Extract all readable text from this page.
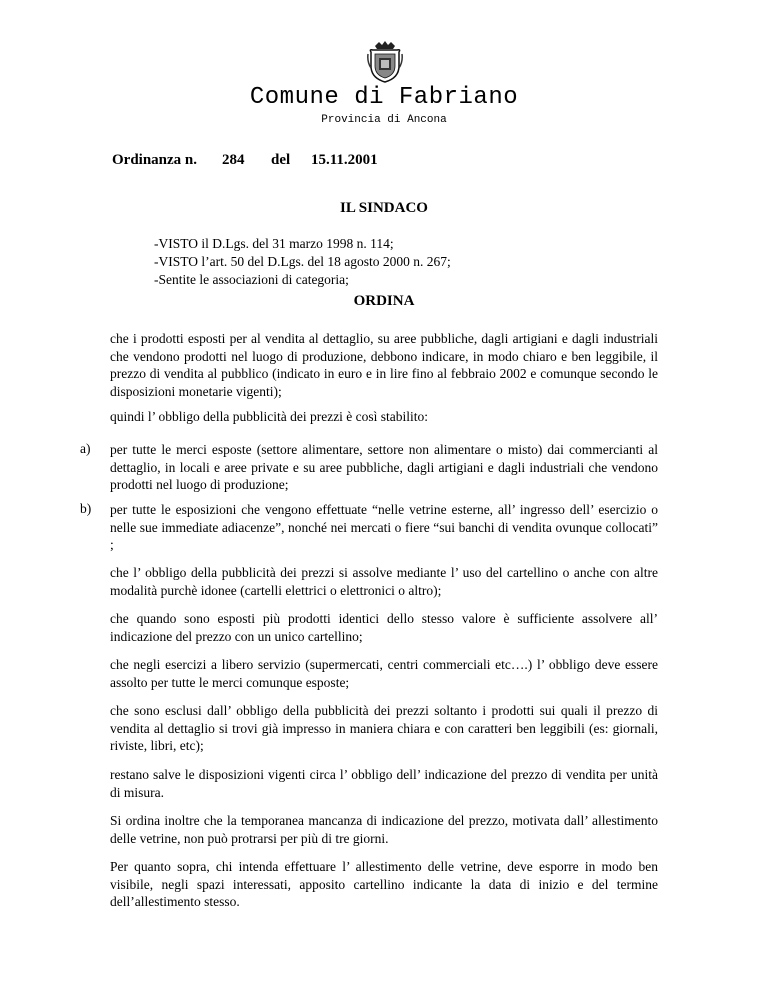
Comune di Fabriano
Provincia di Ancona
Ordinanza n. 284 del 15.11.2001
IL SINDACO
-VISTO il D.Lgs. del 31 marzo 1998 n. 114;
-VISTO l’art. 50 del D.Lgs. del 18 agosto 2000 n. 267;
-Sentite le associazioni di categoria;
ORDINA
che i prodotti esposti per al vendita al dettaglio, su aree pubbliche, dagli artigiani e dagli industriali che vendono prodotti nel luogo di produzione, debbono indicare, in modo chiaro e ben leggibile, il prezzo di vendita al pubblico (indicato in euro e in lire fino al febbraio 2002 e comunque secondo le disposizioni monetarie vigenti);
quindi l’ obbligo della pubblicità dei prezzi è così stabilito:
a) per tutte le merci esposte (settore alimentare, settore non alimentare o misto) dai commercianti al dettaglio, in locali e aree private e su aree pubbliche, dagli artigiani e dagli industriali che vendono prodotti nel luogo di produzione;
b) per tutte le esposizioni che vengono effettuate “nelle vetrine esterne, all’ ingresso dell’ esercizio o nelle sue immediate adiacenze”, nonché nei mercati o fiere “sui banchi di vendita ovunque collocati” ;
che l’ obbligo della pubblicità dei prezzi si assolve mediante l’ uso del cartellino o anche con altre modalità purchè idonee (cartelli elettrici o elettronici o altro);
che quando sono esposti più prodotti identici dello stesso valore è sufficiente assolvere all’ indicazione del prezzo con un unico cartellino;
che negli esercizi a libero servizio (supermercati, centri commerciali etc….) l’ obbligo deve essere assolto per tutte le merci comunque esposte;
che sono esclusi dall’ obbligo della pubblicità dei prezzi soltanto i prodotti sui quali il prezzo di vendita al dettaglio si trovi già impresso in maniera chiara e con caratteri ben leggibili (es: giornali, riviste, libri, etc);
restano salve le disposizioni vigenti circa l’ obbligo dell’ indicazione del prezzo di vendita per unità di misura.
Si ordina inoltre che la temporanea mancanza di indicazione del prezzo, motivata dall’ allestimento delle vetrine, non può protrarsi per più di tre giorni.
Per quanto sopra, chi intenda effettuare l’ allestimento delle vetrine, deve esporre in modo ben visibile, negli spazi interessati, apposito cartellino indicante la data di inizio e del termine dell’allestimento stesso.
